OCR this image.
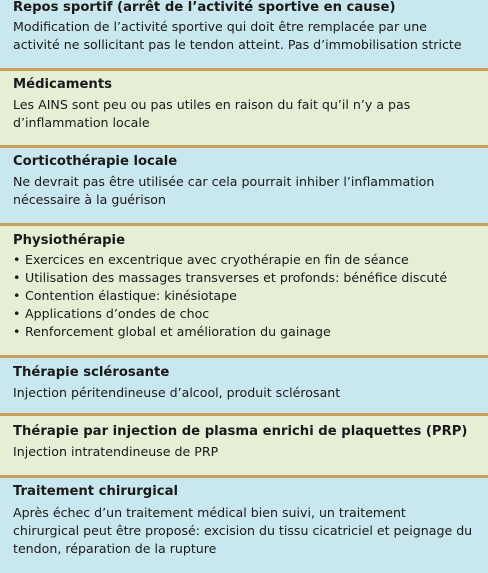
Repos sportif (arrêt de l’activité sportive en cause)
Modification de l’activité sportive qui doit être remplacée par une activité ne sollicitant pas le tendon atteint. Pas d’immobilisation stricte
Médicaments
Les AINS sont peu ou pas utiles en raison du fait qu’il n’y a pas d’inflammation locale
Corticothérapie locale
Ne devrait pas être utilisée car cela pourrait inhiber l’inflammation nécessaire à la guérison
Physiothérapie
• Exercices en excentrique avec cryothérapie en fin de séance
• Utilisation des massages transverses et profonds: bénéfice discuté
• Contention élastique: kinésiotape
• Applications d’ondes de choc
• Renforcement global et amélioration du gainage
Thérapie sclérosante
Injection péritendineuse d’alcool, produit sclérosant
Thérapie par injection de plasma enrichi de plaquettes (PRP)
Injection intratendineuse de PRP
Traitement chirurgical
Après échec d’un traitement médical bien suivi, un traitement chirurgical peut être proposé: excision du tissu cicatriciel et peignage du tendon, réparation de la rupture
